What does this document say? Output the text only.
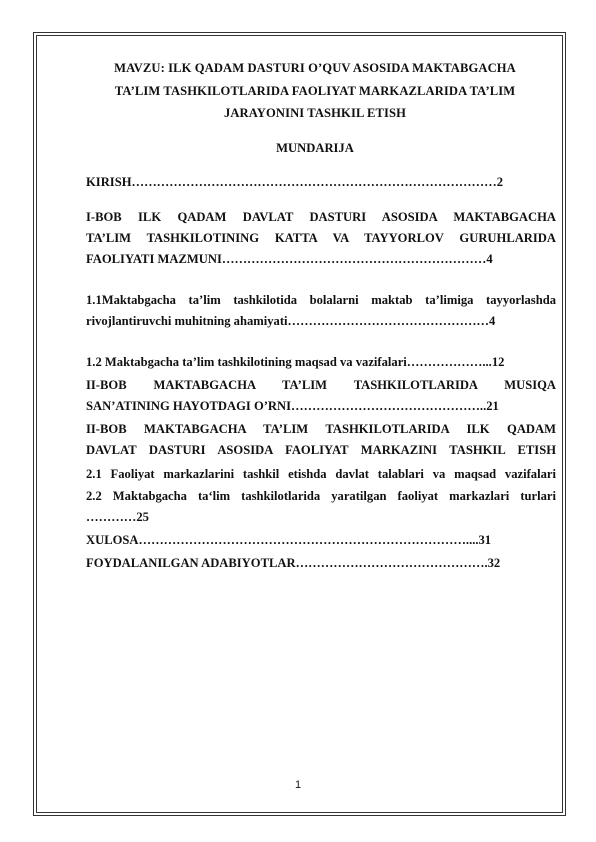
MAVZU: ILK QADAM DASTURI O’QUV ASOSIDA MAKTABGACHA
TA’LIM TASHKILOTLARIDA FAOLIYAT MARKAZLARIDA TA’LIM
JARAYONINI TASHKIL ETISH
MUNDARIJA
KIRISH……………………………………………………………………………2
I-BOB ILK QADAM DAVLAT DASTURI ASOSIDA MAKTABGACHA
TA’LIM TASHKILOTINING KATTA VA TAYYORLOV GURUHLARIDA
FAOLIYATI MAZMUNI………………………………………………………4
1.1Maktabgacha ta’lim tashkilotida bolalarni maktab ta’limiga tayyorlashda
rivojlantiruvchi muhitning ahamiyati…………………………………………4
1.2 Maktabgacha ta’lim tashkilotining maqsad va vazifalari………………...12
II-BOB MAKTABGACHA TA’LIM TASHKILOTLARIDA MUSIQA
SAN’ATINING HAYOTDAGI O’RNI………………………………………..21
II-BOB MAKTABGACHA TA’LIM TASHKILOTLARIDA ILK QADAM
DAVLAT DASTURI ASOSIDA FAOLIYAT MARKAZINI TASHKIL ETISH
2.1 Faoliyat markazlarini tashkil etishda davlat talablari va maqsad vazifalari
2.2 Maktabgacha ta‘lim tashkilotlarida yaratilgan faoliyat markazlari turlari
…………25
XULOSA……………………………………………………………………....31
FOYDALANILGAN ADABIYOTLAR……………………………………….32
1
